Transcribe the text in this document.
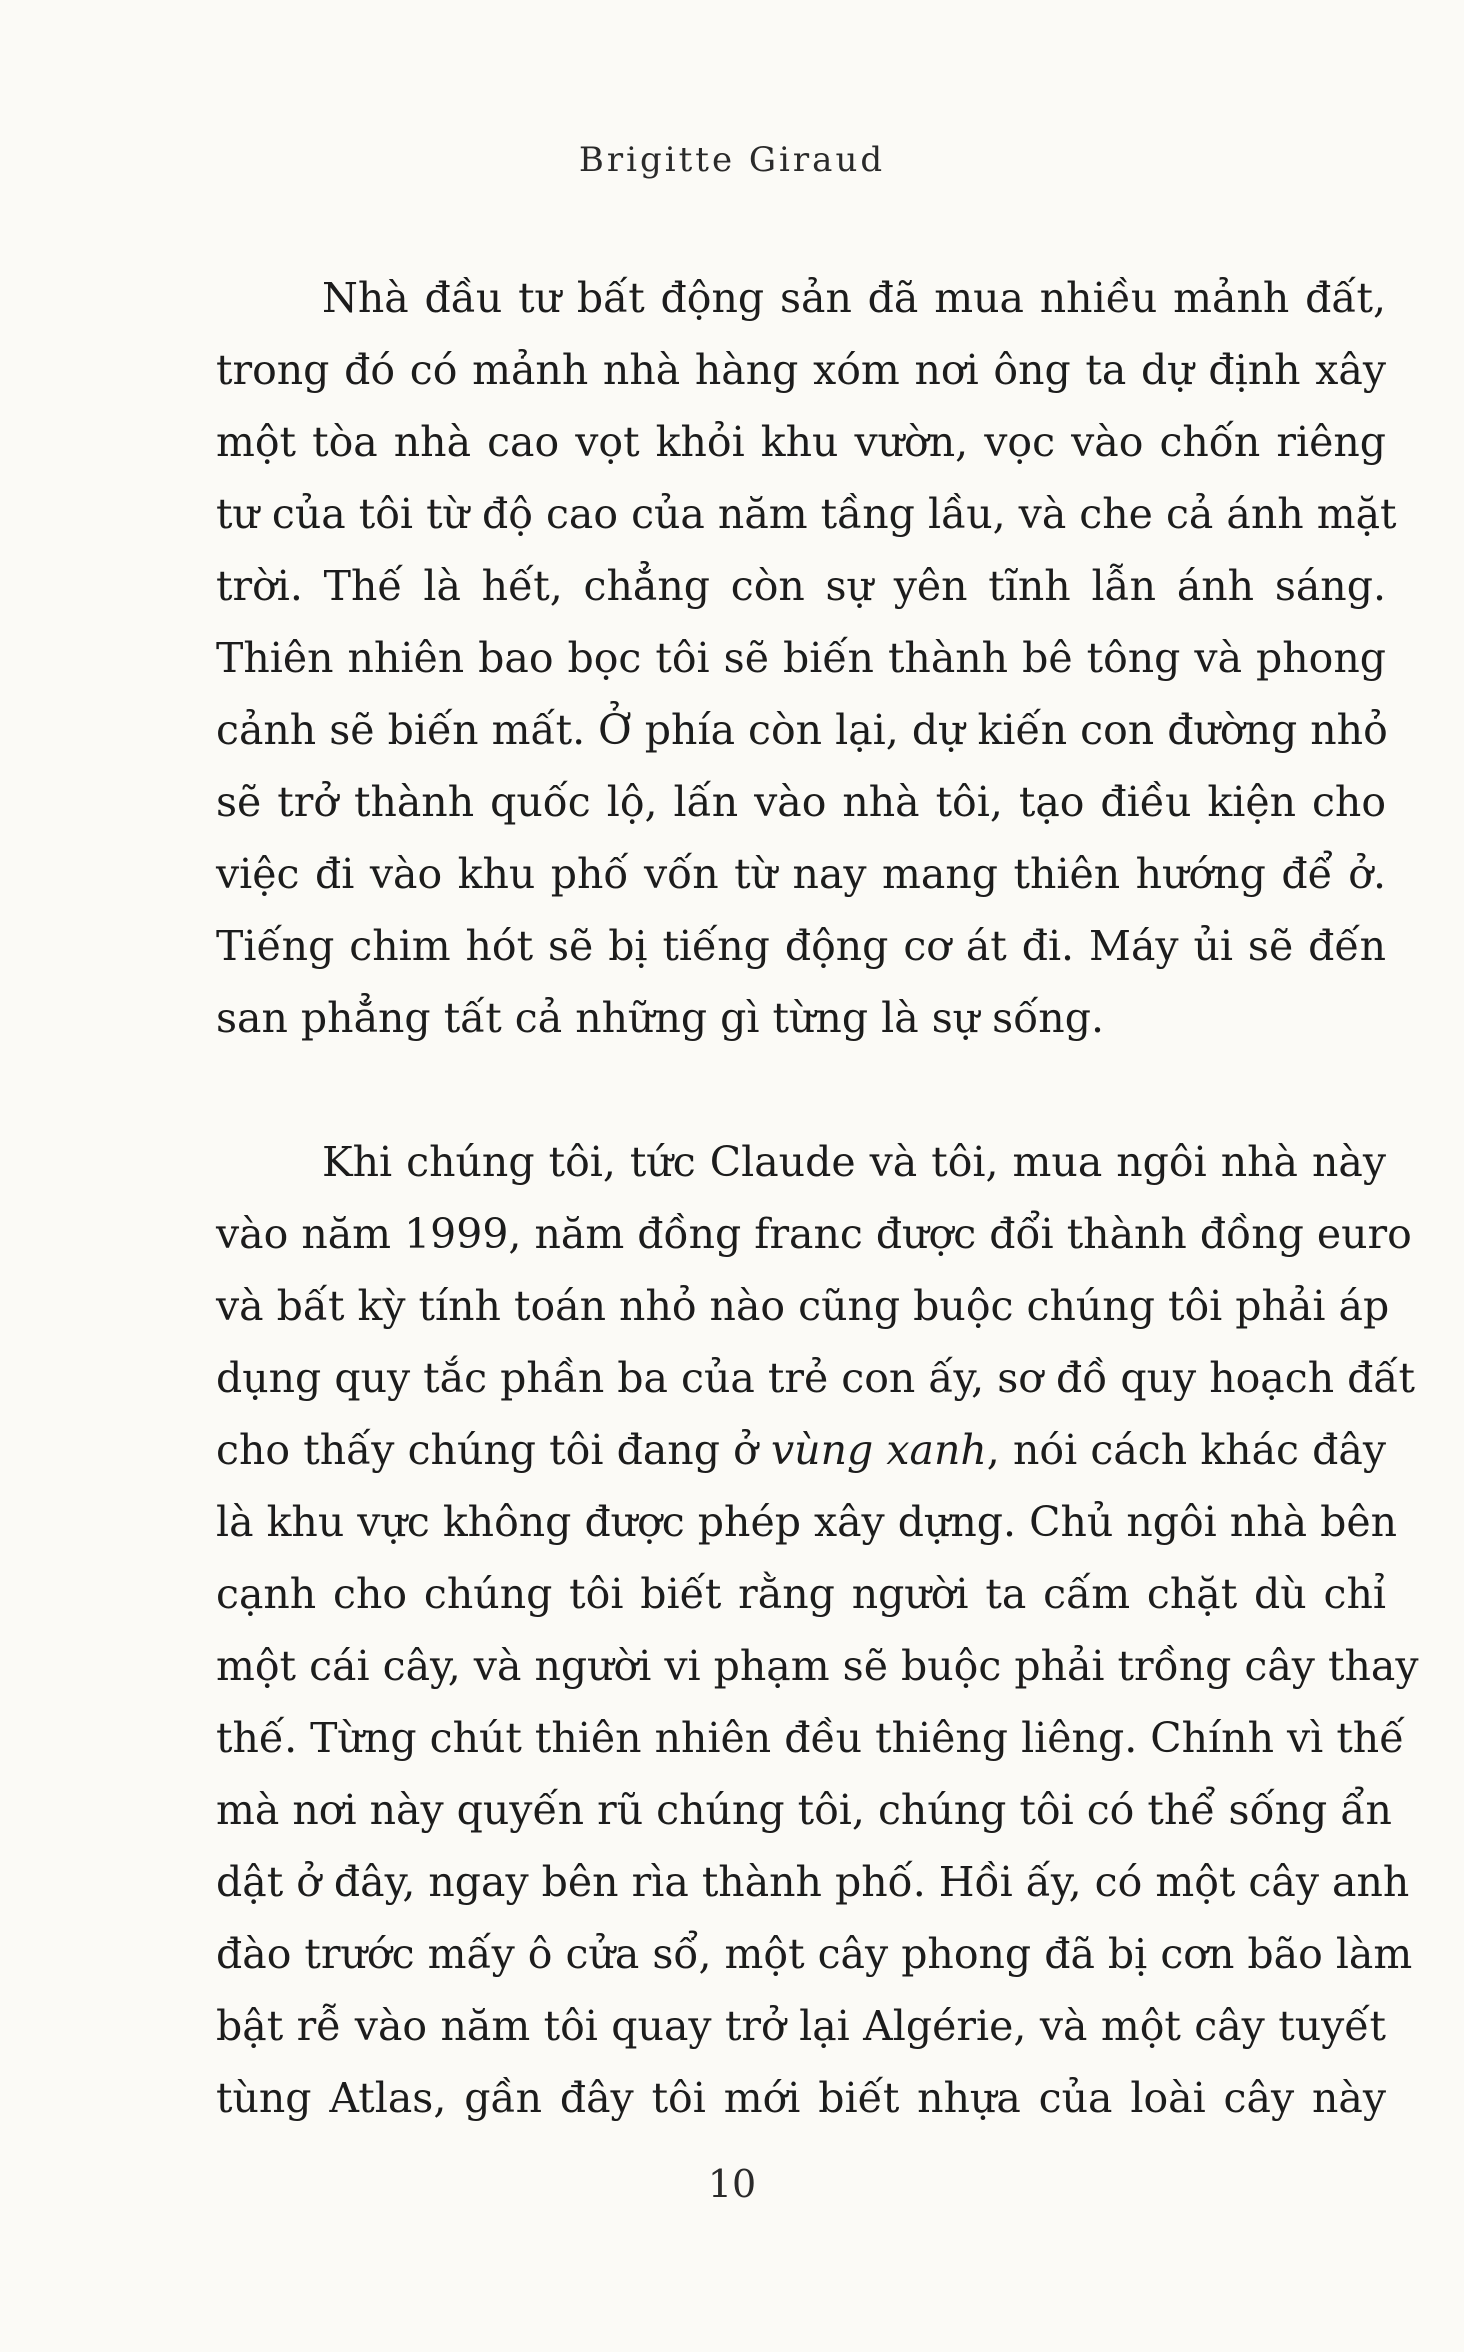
Brigitte Giraud
Nhà đầu tư bất động sản đã mua nhiều mảnh đất,
trong đó có mảnh nhà hàng xóm nơi ông ta dự định xây
một tòa nhà cao vọt khỏi khu vườn, vọc vào chốn riêng
tư của tôi từ độ cao của năm tầng lầu, và che cả ánh mặt
trời. Thế là hết, chẳng còn sự yên tĩnh lẫn ánh sáng.
Thiên nhiên bao bọc tôi sẽ biến thành bê tông và phong
cảnh sẽ biến mất. Ở phía còn lại, dự kiến con đường nhỏ
sẽ trở thành quốc lộ, lấn vào nhà tôi, tạo điều kiện cho
việc đi vào khu phố vốn từ nay mang thiên hướng để ở.
Tiếng chim hót sẽ bị tiếng động cơ át đi. Máy ủi sẽ đến
san phẳng tất cả những gì từng là sự sống.
Khi chúng tôi, tức Claude và tôi, mua ngôi nhà này
vào năm 1999, năm đồng franc được đổi thành đồng euro
và bất kỳ tính toán nhỏ nào cũng buộc chúng tôi phải áp
dụng quy tắc phần ba của trẻ con ấy, sơ đồ quy hoạch đất
cho thấy chúng tôi đang ở vùng xanh, nói cách khác đây
là khu vực không được phép xây dựng. Chủ ngôi nhà bên
cạnh cho chúng tôi biết rằng người ta cấm chặt dù chỉ
một cái cây, và người vi phạm sẽ buộc phải trồng cây thay
thế. Từng chút thiên nhiên đều thiêng liêng. Chính vì thế
mà nơi này quyến rũ chúng tôi, chúng tôi có thể sống ẩn
dật ở đây, ngay bên rìa thành phố. Hồi ấy, có một cây anh
đào trước mấy ô cửa sổ, một cây phong đã bị cơn bão làm
bật rễ vào năm tôi quay trở lại Algérie, và một cây tuyết
tùng Atlas, gần đây tôi mới biết nhựa của loài cây này
10
